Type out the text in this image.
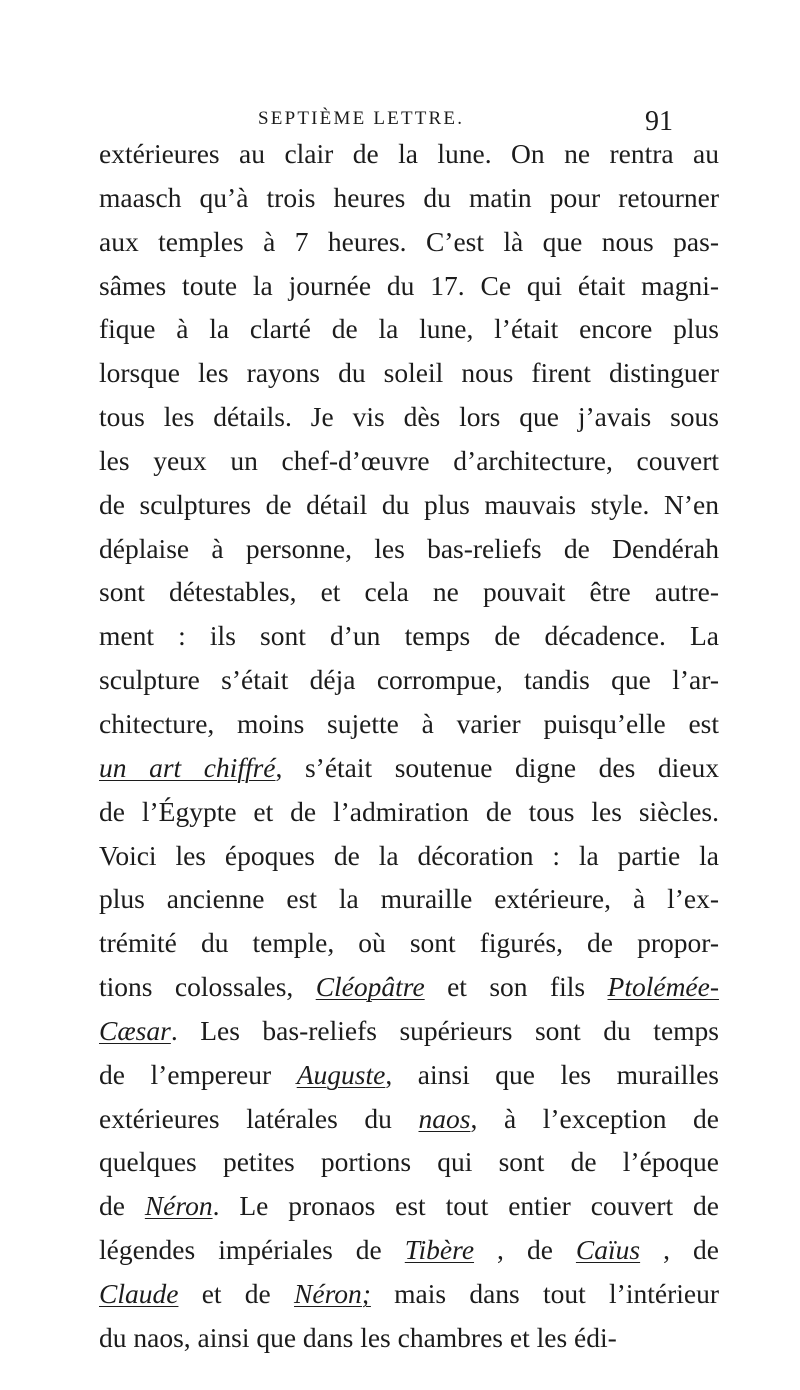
SEPTIÈME LETTRE.	91
extérieures au clair de la lune. On ne rentra au
maasch qu’à trois heures du matin pour retourner
aux temples à 7 heures. C’est là que nous pas-
sâmes toute la journée du 17. Ce qui était magni-
fique à la clarté de la lune, l’était encore plus
lorsque les rayons du soleil nous firent distinguer
tous les détails. Je vis dès lors que j’avais sous
les yeux un chef-d’œuvre d’architecture, couvert
de sculptures de détail du plus mauvais style. N’en
déplaise à personne, les bas-reliefs de Dendérah
sont détestables, et cela ne pouvait être autre-
ment : ils sont d’un temps de décadence. La
sculpture s’était déja corrompue, tandis que l’ar-
chitecture, moins sujette à varier puisqu’elle est
un art chiffré, s’était soutenue digne des dieux
de l’Égypte et de l’admiration de tous les siècles.
Voici les époques de la décoration : la partie la
plus ancienne est la muraille extérieure, à l’ex-
trémité du temple, où sont figurés, de propor-
tions colossales, Cléopâtre et son fils Ptolémée-
Cæsar. Les bas-reliefs supérieurs sont du temps
de l’empereur Auguste, ainsi que les murailles
extérieures latérales du naos, à l’exception de
quelques petites portions qui sont de l’époque
de Néron. Le pronaos est tout entier couvert de
légendes impériales de Tibère , de Caïus , de
Claude et de Néron; mais dans tout l’intérieur
du naos, ainsi que dans les chambres et les édi-
